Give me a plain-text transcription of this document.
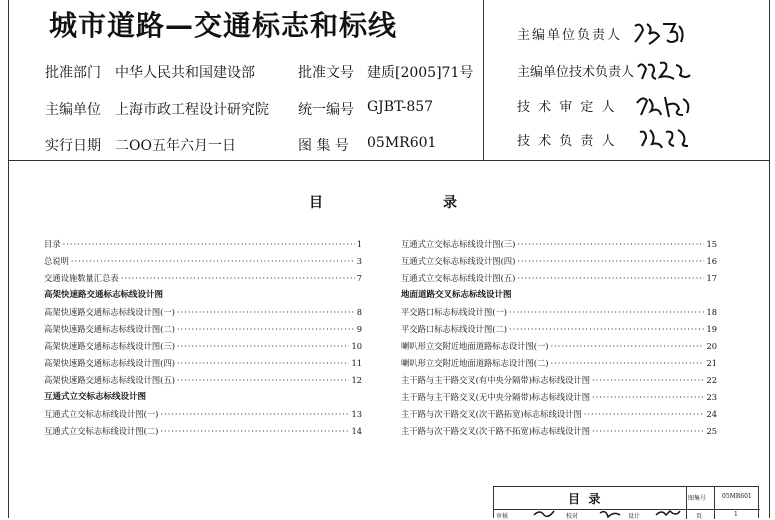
城市道路—交通标志和标线
批准部门 中华人民共和国建设部	批准文号 建质[2005]71号
主编单位 上海市政工程设计研究院 统一编号 GJBT-857
实行日期 二OO五年六月一日	图 集 号 05MR601
主编单位负责人
主编单位技术负责人
技 术 审 定 人
技 术 负 责 人
目	录
目录 ·····	1
总说明 ·····	3
交通设施数量汇总表 ·····	7
高架快速路交通标志标线设计图
高架快速路交通标志标线设计图(一) ·····	8
高架快速路交通标志标线设计图(二) ·····	9
高架快速路交通标志标线设计图(三) ·····	10
高架快速路交通标志标线设计图(四) ·····	11
高架快速路交通标志标线设计图(五) ·····	12
互通式立交标志标线设计图
互通式立交标志标线设计图(一) ·····	13
互通式立交标志标线设计图(二) ·····	14
互通式立交标志标线设计图(三) ·····	15
互通式立交标志标线设计图(四) ·····	16
互通式立交标志标线设计图(五) ·····	17
地面道路交叉标志标线设计图
平交路口标志标线设计图(一) ·····	18
平交路口标志标线设计图(二) ·····	19
喇叭形立交附近地面道路标志设计图(一) ·····	20
喇叭形立交附近地面道路标志设计图(二) ·····	21
主干路与主干路交叉(有中央分隔带)标志标线设计图 ·····	22
主干路与主干路交叉(无中央分隔带)标志标线设计图 ·····	23
主干路与次干路交叉(次干路拓宽)标志标线设计图 ·····	24
主干路与次干路交叉(次干路不拓宽)标志标线设计图 ·····	25
目  录	图集号	05MR601
审核	校对	设计	页	1
